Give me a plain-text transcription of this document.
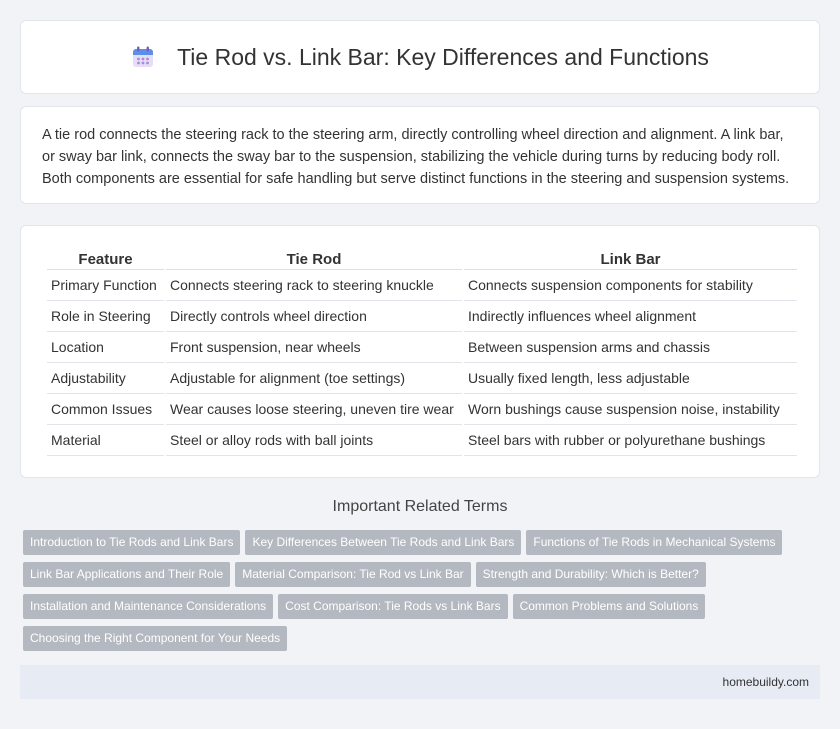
Tie Rod vs. Link Bar: Key Differences and Functions

A tie rod connects the steering rack to the steering arm, directly controlling wheel direction and alignment. A link bar, or sway bar link, connects the sway bar to the suspension, stabilizing the vehicle during turns by reducing body roll. Both components are essential for safe handling but serve distinct functions in the steering and suspension systems.

Feature	Tie Rod	Link Bar
Primary Function	Connects steering rack to steering knuckle	Connects suspension components for stability
Role in Steering	Directly controls wheel direction	Indirectly influences wheel alignment
Location	Front suspension, near wheels	Between suspension arms and chassis
Adjustability	Adjustable for alignment (toe settings)	Usually fixed length, less adjustable
Common Issues	Wear causes loose steering, uneven tire wear	Worn bushings cause suspension noise, instability
Material	Steel or alloy rods with ball joints	Steel bars with rubber or polyurethane bushings
Important Related Terms
Introduction to Tie Rods and Link Bars Key Differences Between Tie Rods and Link Bars Functions of Tie Rods in Mechanical SystemsLink Bar Applications and Their Role Material Comparison: Tie Rod vs Link Bar Strength and Durability: Which is Better?Installation and Maintenance Considerations Cost Comparison: Tie Rods vs Link Bars Common Problems and SolutionsChoosing the Right Component for Your Needs
homebuildy.com
